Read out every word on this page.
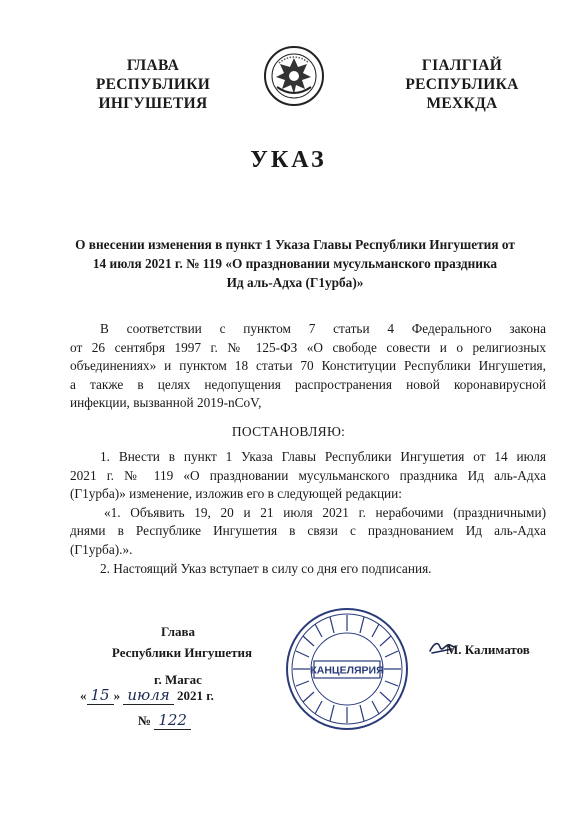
ГЛАВА
РЕСПУБЛИКИ
ИНГУШЕТИЯ
ГIАЛГIАЙ
РЕСПУБЛИКА
МЕХКДА
УКАЗ
О внесении изменения в пункт 1 Указа Главы Республики Ингушетия от
14 июля 2021 г. № 119 «О праздновании мусульманского праздника
Ид аль-Адха (Г1урба)»
В соответствии с пунктом 7 статьи 4 Федерального закона
от 26 сентября 1997 г. № 125-ФЗ «О свободе совести и о религиозных
объединениях» и пунктом 18 статьи 70 Конституции Республики Ингушетия,
а также в целях недопущения распространения новой коронавирусной
инфекции, вызванной 2019-nCoV,
ПОСТАНОВЛЯЮ:
1. Внести в пункт 1 Указа Главы Республики Ингушетия от 14 июля
2021 г. № 119 «О праздновании мусульманского праздника Ид аль-Адха
(Г1урба)» изменение, изложив его в следующей редакции:
«1. Объявить 19, 20 и 21 июля 2021 г. нерабочими (праздничными)
днями в Республике Ингушетия в связи с празднованием Ид аль-Адха
(Г1урба).».
2. Настоящий Указ вступает в силу со дня его подписания.
Глава
Республики Ингушетия
г. Магас
« 15 » июля 2021 г.
№ 122
КАНЦЕЛЯРИЯ
М. Калиматов
